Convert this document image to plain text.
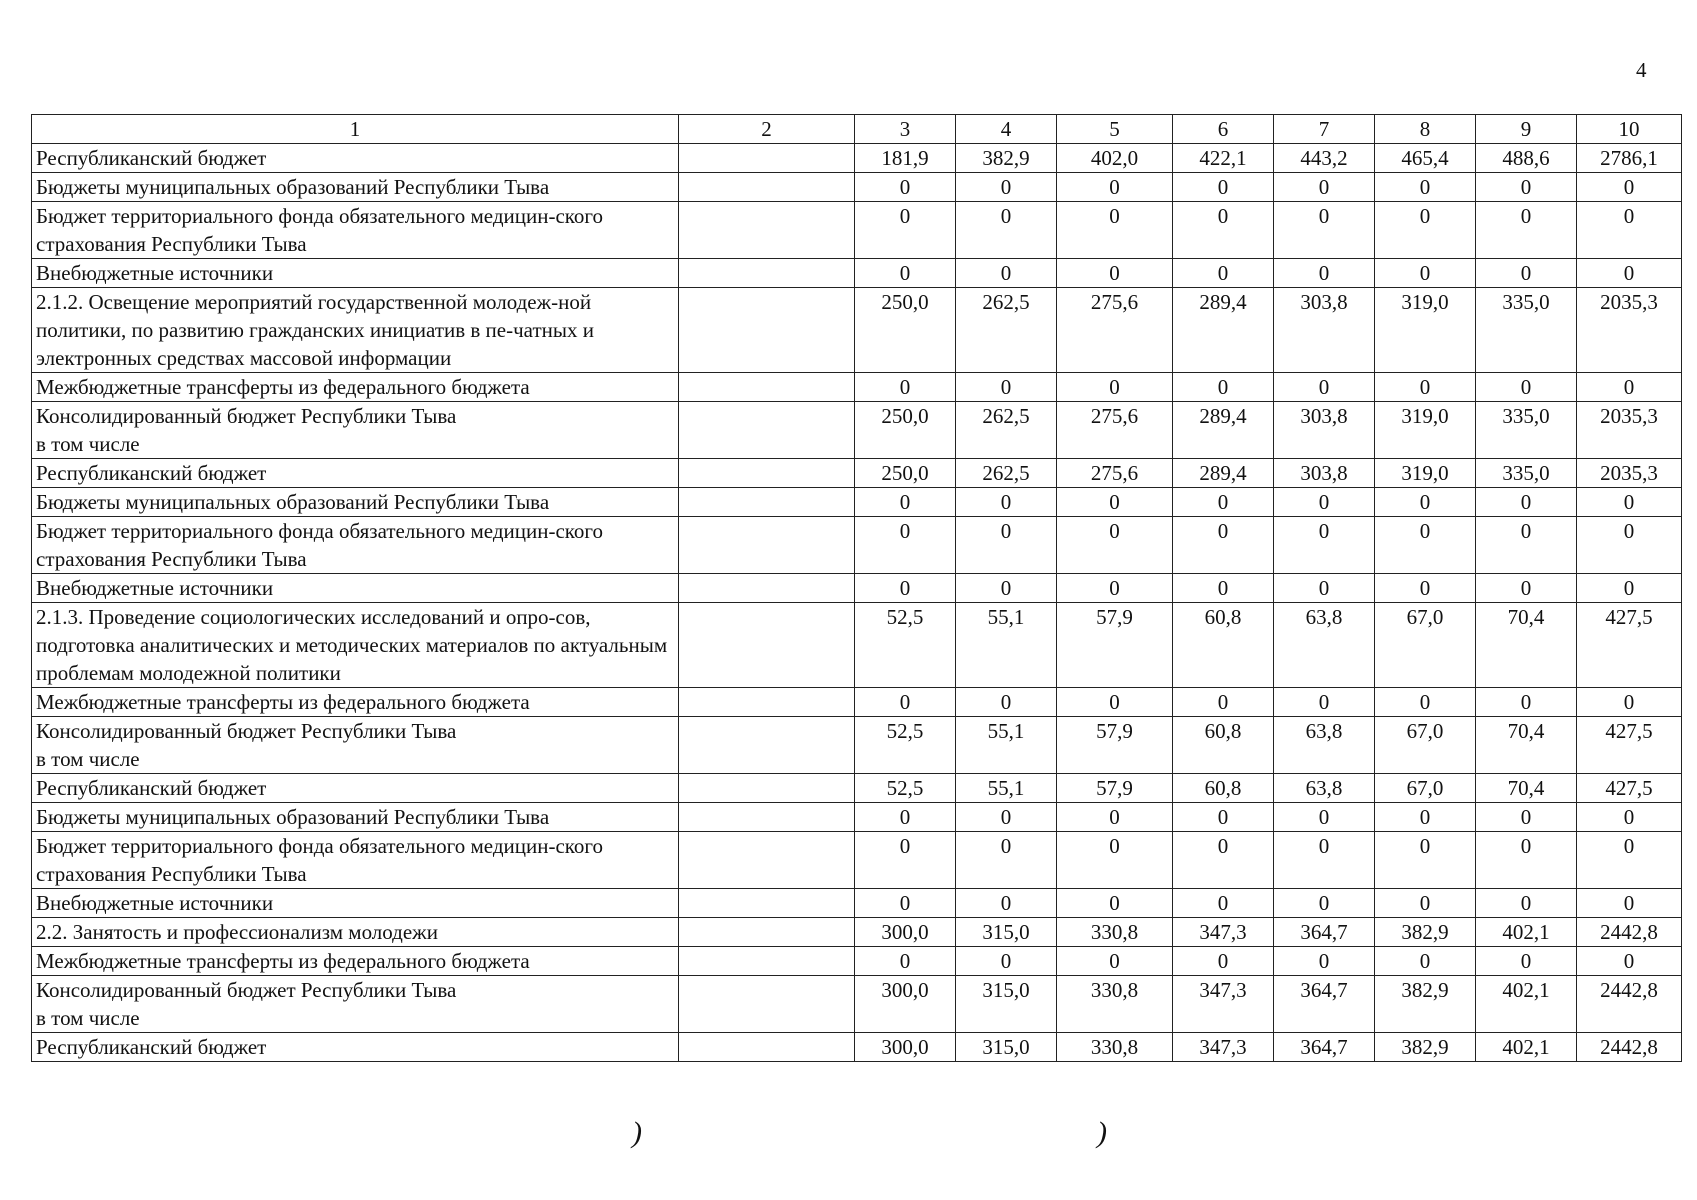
4
1	2	3	4	5	6	7	8	9	10

Республиканский бюджет		181,9	382,9	402,0	422,1	443,2	465,4	488,6	2786,1

Бюджеты муниципальных образований Республики Тыва		0	0	0	0	0	0	0	0

Бюджет территориального фонда обязательного медицин-ского страхования Республики Тыва		0	0	0	0	0	0	0	0

Внебюджетные источники		0	0	0	0	0	0	0	0

2.1.2. Освещение мероприятий государственной молодеж-ной политики, по развитию гражданских инициатив в пе-чатных и электронных средствах массовой информации		250,0	262,5	275,6	289,4	303,8	319,0	335,0	2035,3

Межбюджетные трансферты из федерального бюджета		0	0	0	0	0	0	0	0

Консолидированный бюджет Республики Тыва
в том числе		250,0	262,5	275,6	289,4	303,8	319,0	335,0	2035,3

Республиканский бюджет		250,0	262,5	275,6	289,4	303,8	319,0	335,0	2035,3

Бюджеты муниципальных образований Республики Тыва		0	0	0	0	0	0	0	0

Бюджет территориального фонда обязательного медицин-ского страхования Республики Тыва		0	0	0	0	0	0	0	0

Внебюджетные источники		0	0	0	0	0	0	0	0

2.1.3. Проведение социологических исследований и опро-сов, подготовка аналитических и методических материалов по актуальным проблемам молодежной политики		52,5	55,1	57,9	60,8	63,8	67,0	70,4	427,5

Межбюджетные трансферты из федерального бюджета		0	0	0	0	0	0	0	0

Консолидированный бюджет Республики Тыва
в том числе		52,5	55,1	57,9	60,8	63,8	67,0	70,4	427,5

Республиканский бюджет		52,5	55,1	57,9	60,8	63,8	67,0	70,4	427,5

Бюджеты муниципальных образований Республики Тыва		0	0	0	0	0	0	0	0

Бюджет территориального фонда обязательного медицин-ского страхования Республики Тыва		0	0	0	0	0	0	0	0

Внебюджетные источники		0	0	0	0	0	0	0	0

2.2. Занятость и профессионализм молодежи		300,0	315,0	330,8	347,3	364,7	382,9	402,1	2442,8

Межбюджетные трансферты из федерального бюджета		0	0	0	0	0	0	0	0

Консолидированный бюджет Республики Тыва
в том числе		300,0	315,0	330,8	347,3	364,7	382,9	402,1	2442,8

Республиканский бюджет		300,0	315,0	330,8	347,3	364,7	382,9	402,1	2442,8
)	)
